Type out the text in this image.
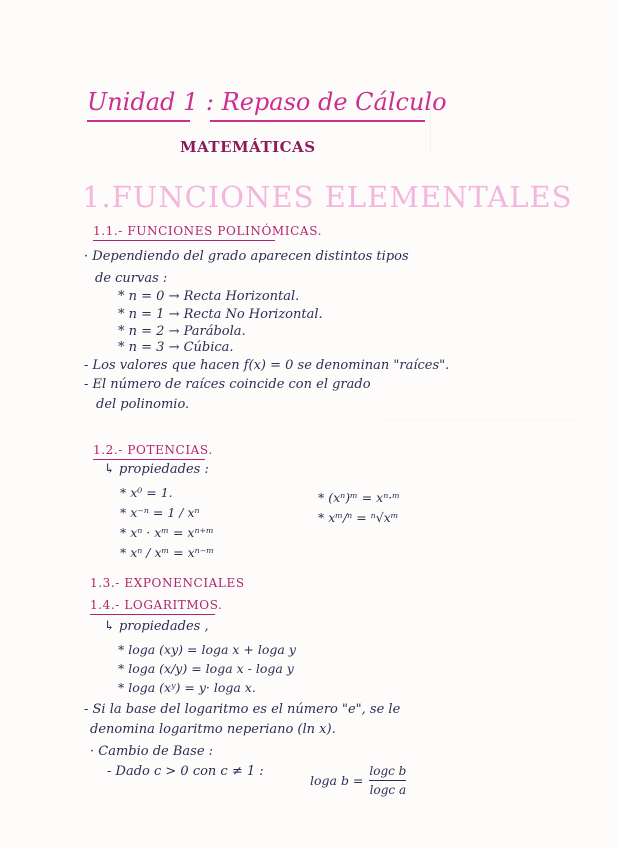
Unidad 1 : Repaso de Cálculo
MATEMÁTICAS
1.FUNCIONES ELEMENTALES
1.1.- FUNCIONES POLINÓMICAS.
· Dependiendo del grado aparecen distintos tipos
de curvas :
* n = 0 → Recta Horizontal.
* n = 1 → Recta No Horizontal.
* n = 2 → Parábola.
* n = 3 → Cúbica.
- Los valores que hacen f(x) = 0 se denominan "raíces".
- El número de raíces coincide con el grado
del polinomio.
1.2.- POTENCIAS.
↳ propiedades :
* x⁰ = 1.
* x⁻ⁿ = 1 / xⁿ
* xⁿ · xᵐ = xⁿ⁺ᵐ
* xⁿ / xᵐ = xⁿ⁻ᵐ
* (xⁿ)ᵐ = xⁿ·ᵐ
* xᵐ/ⁿ = ⁿ√xᵐ
1.3.- EXPONENCIALES
1.4.- LOGARITMOS.
↳ propiedades ,
* loga (xy) = loga x + loga y
* loga (x/y) = loga x - loga y
* loga (xʸ) = y· loga x.
- Si la base del logaritmo es el número "e", se le
denomina logaritmo neperiano (ln x).
· Cambio de Base :
- Dado c > 0 con c ≠ 1 :
loga $b = \frac{\text{logc b}}{\text{logc a}}$
